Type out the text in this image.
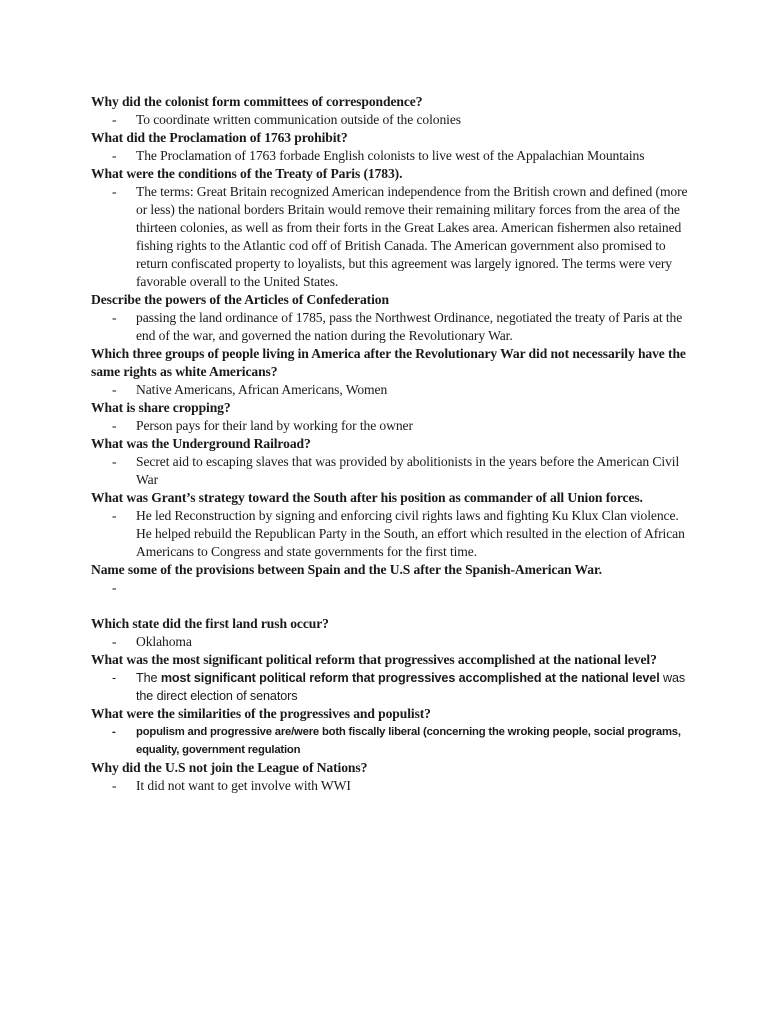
Why did the colonist form committees of correspondence?

- To coordinate written communication outside of the colonies

What did the Proclamation of 1763 prohibit?

- The Proclamation of 1763 forbade English colonists to live west of the Appalachian Mountains

What were the conditions of the Treaty of Paris (1783).

- The terms: Great Britain recognized American independence from the British crown and defined (more or less) the national borders Britain would remove their remaining military forces from the area of the thirteen colonies, as well as from their forts in the Great Lakes area. American fishermen also retained fishing rights to the Atlantic cod off of British Canada. The American government also promised to return confiscated property to loyalists, but this agreement was largely ignored. The terms were very favorable overall to the United States.

Describe the powers of the Articles of Confederation

- passing the land ordinance of 1785, pass the Northwest Ordinance, negotiated the treaty of Paris at the end of the war, and governed the nation during the Revolutionary War.

Which three groups of people living in America after the Revolutionary War did not necessarily have the same rights as white Americans?

- Native Americans, African Americans, Women

What is share cropping?

- Person pays for their land by working for the owner

What was the Underground Railroad?

- Secret aid to escaping slaves that was provided by abolitionists in the years before the American Civil War

What was Grant’s strategy toward the South after his position as commander of all Union forces.

- He led Reconstruction by signing and enforcing civil rights laws and fighting Ku Klux Clan violence. He helped rebuild the Republican Party in the South, an effort which resulted in the election of African Americans to Congress and state governments for the first time.

Name some of the provisions between Spain and the U.S after the Spanish-American War.

-

Which state did the first land rush occur?

- Oklahoma

What was the most significant political reform that progressives accomplished at the national level?

- The most significant political reform that progressives accomplished at the national level was the direct election of senators

What were the similarities of the progressives and populist?

- populism and progressive are/were both fiscally liberal (concerning the wroking people, social programs, equality, government regulation

Why did the U.S not join the League of Nations?

- It did not want to get involve with WWI
